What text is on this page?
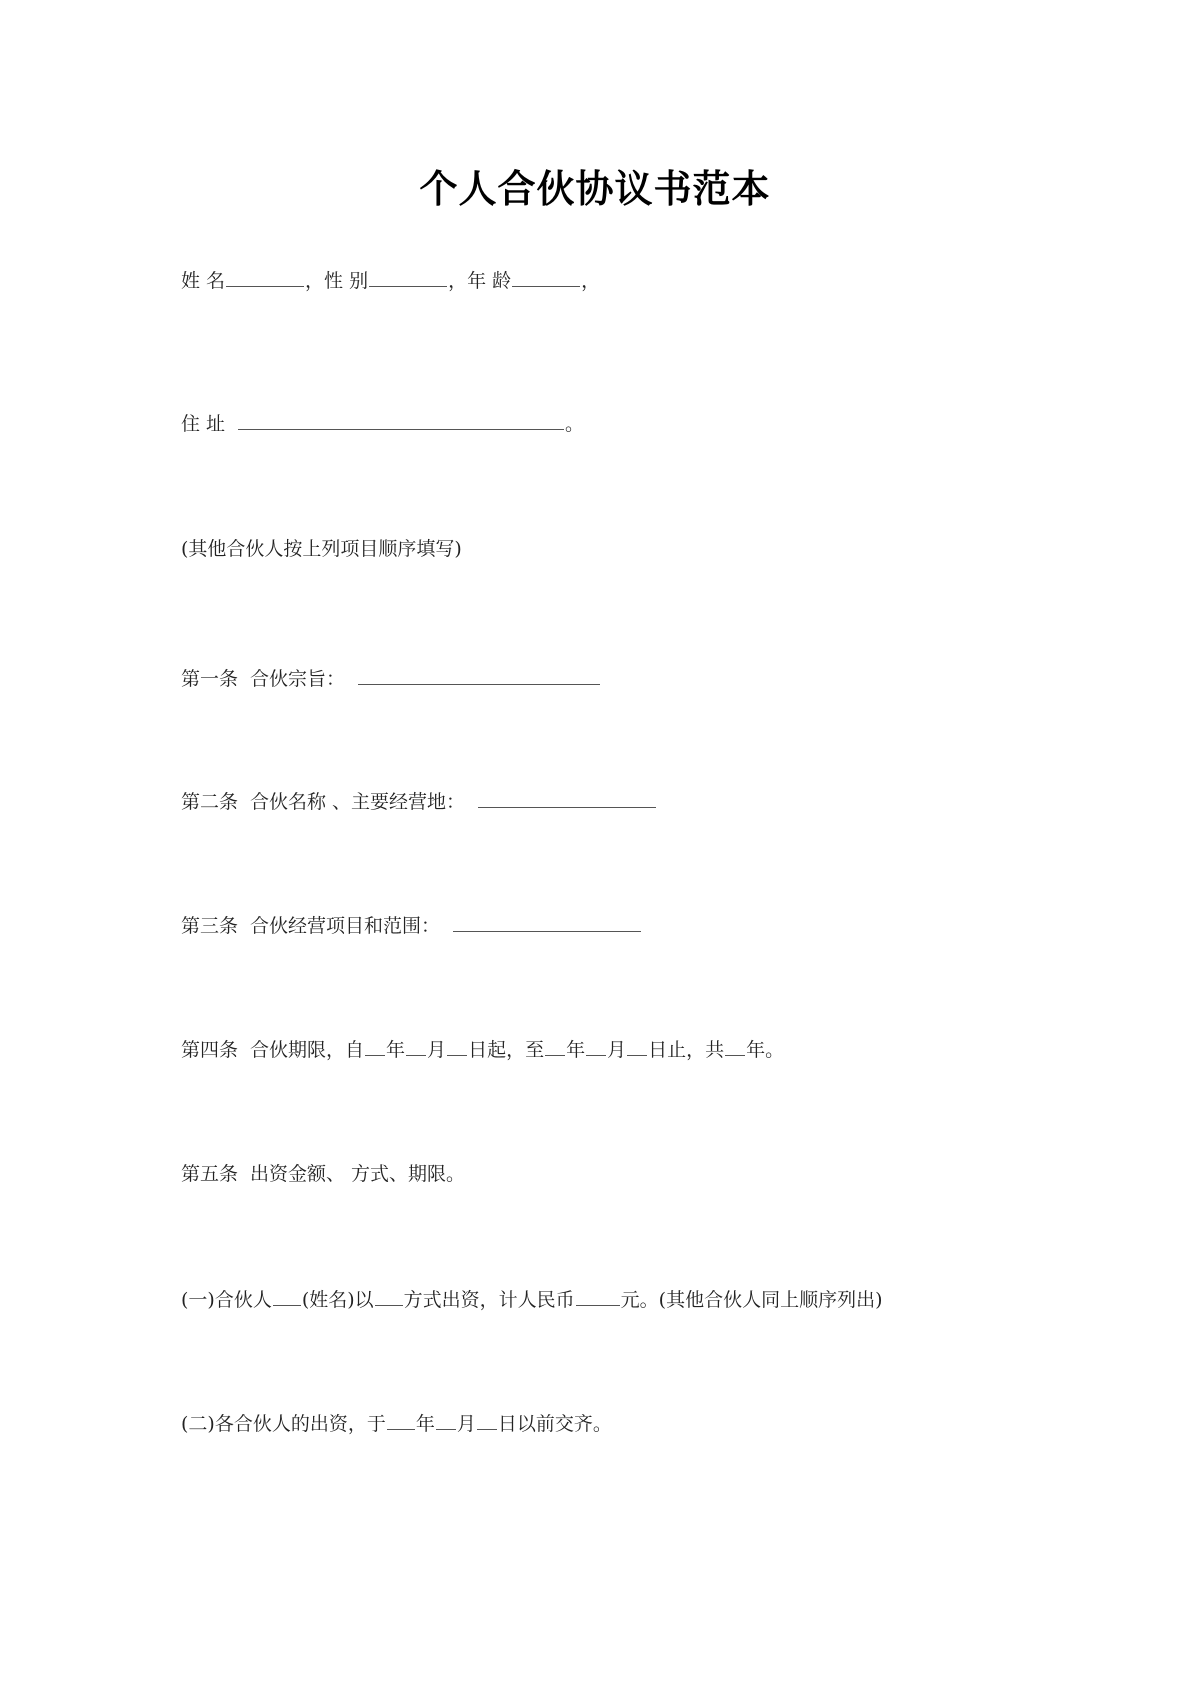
个人合伙协议书范本
姓 名	，性 别	，年 龄	，
住 址	。
(其他合伙人按上列项目顺序填写)
第一条 合伙宗旨：
第二条 合伙名称 、主要经营地：
第三条 合伙经营项目和范围：
第四条 合伙期限，自 年 月 日起，至 年 月 日止，共 年。
第五条 出资金额、 方式、期限。
(一)合伙人 (姓名)以 方式出资，计人民币 元。(其他合伙人同上顺序列出)
(二)各合伙人的出资，于 年 月 日以前交齐。
